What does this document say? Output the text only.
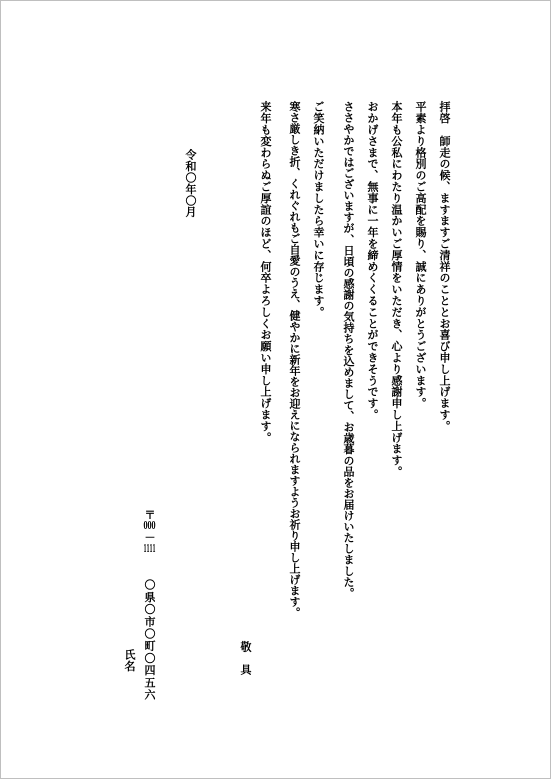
拝啓　師走の候、ますますご清祥のこととお喜び申し上げます。
平素より格別のご高配を賜り、誠にありがとうございます。
本年も公私にわたり温かいご厚情をいただき、心より感謝申し上げます。
おかげさまで、無事に一年を締めくくることができそうです。
ささやかではございますが、日頃の感謝の気持ちを込めまして、お歳暮の品をお届けいたしました。
ご笑納いただけましたら幸いに存じます。
寒さ厳しき折、くれぐれもご自愛のうえ、健やかに新年をお迎えになられますようお祈り申し上げます。
来年も変わらぬご厚誼のほど、何卒よろしくお願い申し上げます。
敬　具
令和〇年〇月
〒000－1111
〇県〇市〇町〇四五六
氏名
